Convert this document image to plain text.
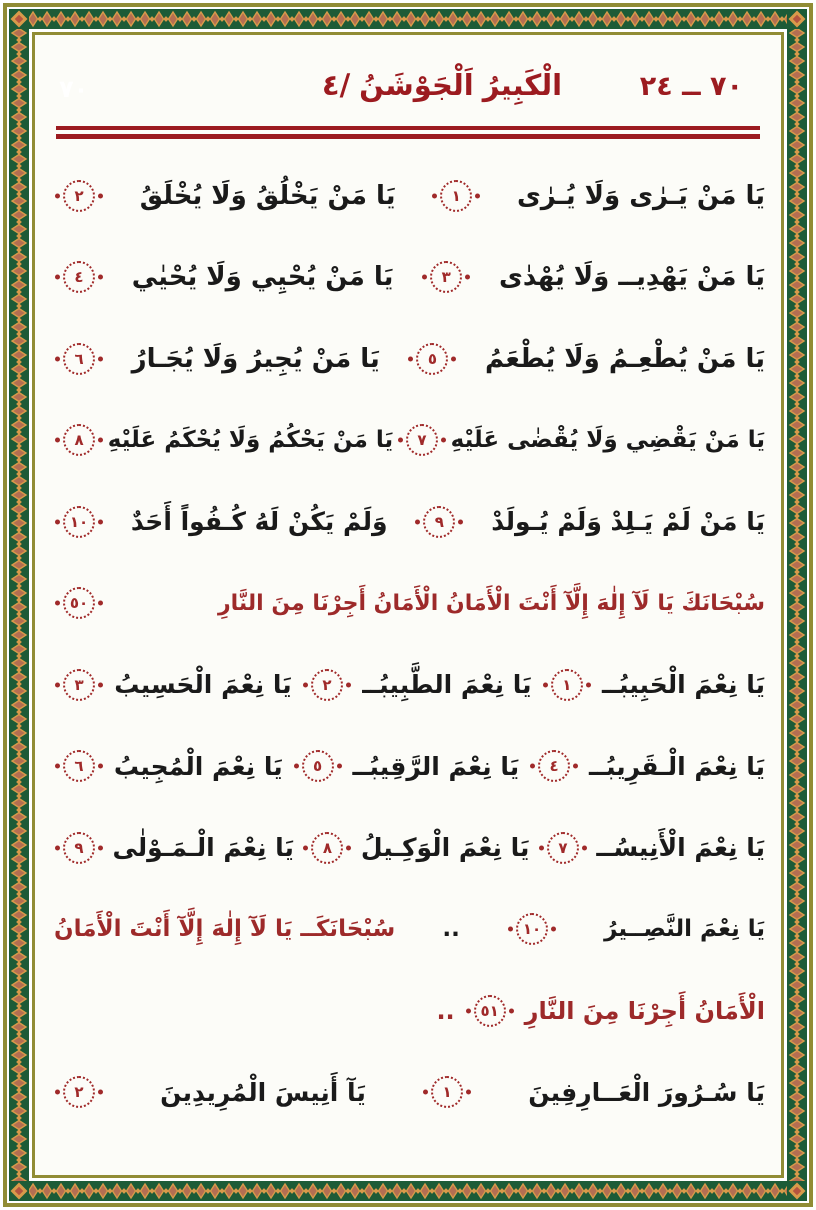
٧٠	٧٠ ــ ٢٤
٤/ اَلْجَوْشَنُ الْكَبِيرُ
يَا مَنْ يَـرٰى وَلَا يُـرٰى
١
يَا مَنْ يَخْلُقُ وَلَا يُخْلَقُ
٢
يَا مَنْ يَهْدِيــ وَلَا يُهْدٰى
٣
يَا مَنْ يُحْيِي وَلَا يُحْيٰي
٤
يَا مَنْ يُطْعِـمُ وَلَا يُطْعَمُ
٥
يَا مَنْ يُجِيرُ وَلَا يُجَـارُ
٦
يَا مَنْ يَقْضِي وَلَا يُقْضٰى عَلَيْهِ
٧
يَا مَنْ يَحْكُمُ وَلَا يُحْكَمُ عَلَيْهِ
٨
يَا مَنْ لَمْ يَـلِدْ وَلَمْ يُـولَدْ
٩
وَلَمْ يَكُنْ لَهُ كُـفُواً أَحَدٌ
١٠
سُبْحَانَكَ يَا لَآ إِلٰهَ إِلَّآ أَنْتَ الْأَمَانُ الْأَمَانُ أَجِرْنَا مِنَ النَّارِ
٥٠
يَا نِعْمَ الْحَبِيبُــ
١
يَا نِعْمَ الطَّبِيبُــ
٢
يَا نِعْمَ الْحَسِيبُ
٣
يَا نِعْمَ الْـقَرِيبُــ
٤
يَا نِعْمَ الرَّقِيبُــ
٥
يَا نِعْمَ الْمُجِيبُ
٦
يَا نِعْمَ الْأَنِيسُــ
٧
يَا نِعْمَ الْوَكِـيلُ
٨
يَا نِعْمَ الْـمَـوْلٰى
٩
يَا نِعْمَ النَّصِــيرُ
١٠
..
سُبْحَانَكَــ يَا لَآ إِلٰهَ إِلَّآ أَنْتَ الْأَمَانُ
الْأَمَانُ أَجِرْنَا مِنَ النَّارِ
٥١
..
يَا سُـرُورَ الْعَــارِفِينَ
١
يَآ أَنِيسَ الْمُرِيدِينَ
٢
